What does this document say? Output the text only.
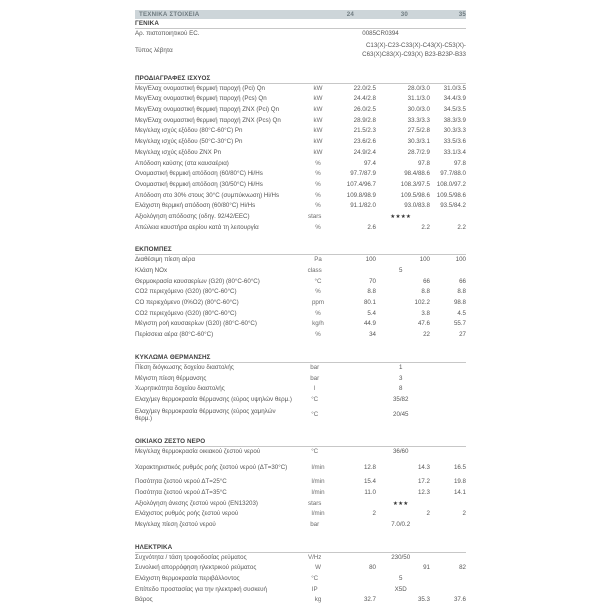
ΤΕΧΝΙΚΑ ΣΤΟΙΧΕΙΑ	24	30	35
ΓΕΝΙΚΑ
Αρ. πιστοποιητικού EC.	0085CR0394
Τύπος λέβητα
C13(X)-C23-C33(X)-C43(X)-C53(X)-
C63(X)C83(X)-C93(X) B23-B23P-B33
ΠΡΟΔΙΑΓΡΑΦΕΣ ΙΣΧΥΟΣ
Μεγ/Ελαχ ονομαστική θερμική παροχή (Pci) Qn	kW	22.0/2.5	28.0/3.0	31.0/3.5
Μεγ/Ελαχ ονομαστική θερμική παροχή (Pcs) Qn	kW	24.4/2.8	31.1/3.0	34.4/3.9
Μεγ/Ελαχ ονομαστική θερμική παροχή ZNX (Pci) Qn	kW	26.0/2.5	30.0/3.0	34.5/3.5
Μεγ/Ελαχ ονομαστική θερμική παροχή ZNX (Pcs) Qn	kW	28.9/2.8	33.3/3.3	38.3/3.9
Μεγ/ελαχ ισχύς εξόδου (80°C-60°C) Pn	kW	21.5/2.3	27.5/2.8	30.3/3.3
Μεγ/ελαχ ισχύς εξόδου (50°C-30°C) Pn	kW	23.6/2.6	30.3/3.1	33.5/3.6
Μεγ/ελαχ ισχύς εξόδου ZNX Pn	kW	24.9/2.4	28.7/2.9	33.1/3.4
Απόδοση καύσης (στα καυσαέρια)	%	97.4	97.8	97.8
Ονομαστική θερμική απόδοση (60/80°C) Hi/Hs	%	97.7/87.9	98.4/88.6	97.7/88.0
Ονομαστική θερμική απόδοση (30/50°C) Hi/Hs	%	107.4/96.7	108.3/97.5	108.0/97.2
Απόδοση στο 30% στους 30°C (συμπύκνωση) Hi/Hs	%	109.8/98.9	109.5/98.6	109.5/98.6
Ελάχιστη θερμική απόδοση (60/80°C) Hi/Hs	%	91.1/82.0	93.0/83.8	93.5/84.2
Αξιολόγηση απόδοσης (οδηγ. 92/42/EEC)	stars	★★★★
Απώλεια καυστήρα αερίου κατά τη λειτουργία	%	2.6	2.2	2.2
ΕΚΠΟΜΠΕΣ
Διαθέσιμη πίεση αέρα	Pa	100	100	100
Κλάση NOx	class	5
Θερμοκρασία καυσαερίων (G20) (80°C-60°C)	°C	70	66	66
CO2 περιεχόμενο (G20) (80°C-60°C)	%	8.8	8.8	8.8
CO περιεχόμενο (0%O2) (80°C-60°C)	ppm	80.1	102.2	98.8
CO2 περιεχόμενο (G20) (80°C-60°C)	%	5.4	3.8	4.5
Μέγιστη ροή καυσαερίων (G20) (80°C-60°C)	kg/h	44.9	47.6	55.7
Περίσσεια αέρα (80°C-60°C)	%	34	22	27
ΚΥΚΛΩΜΑ ΘΕΡΜΑΝΣΗΣ
Πίεση διόγκωσης δοχείου διαστολής	bar	1
Μέγιστη πίεση θέρμανσης	bar	3
Χωρητικότητα δοχείου διαστολής	l	8
Ελαχ/μεγ θερμοκρασία θέρμανσης (εύρος υψηλών θερμ.)	°C	35/82
Ελαχ/μεγ θερμοκρασία θέρμανσης (εύρος χαμηλών θερμ.)
°C	20/45
ΟΙΚΙΑΚΟ ΖΕΣΤΟ ΝΕΡΟ
Μεγ/ελαχ θερμοκρασία οικιακού ζεστού νερού	°C	36/60
Χαρακτηριστικός ρυθμός ροής ζεστού νερού (ΔT=30°C)	l/min	12.8	14.3	16.5
Ποσότητα ζεστού νερού ΔT=25°C	l/min	15.4	17.2	19.8
Ποσότητα ζεστού νερού ΔT=35°C	l/min	11.0	12.3	14.1
Αξιολόγηση άνεσης ζεστού νερού (EN13203)	stars	★★★
Ελάχιστος ρυθμός ροής ζεστού νερού	l/min	2	2	2
Μεγ/ελαχ πίεση ζεστού νερού	bar	7.0/0.2
ΗΛΕΚΤΡΙΚΑ
Συχνότητα / τάση τροφοδοσίας ρεύματος	V/Hz	230/50
Συνολική απορρόφηση ηλεκτρικού ρεύματος	W	80	91	82
Ελάχιστη θερμοκρασία περιβάλλοντος	°C	5
Επίπεδο προστασίας για την ηλεκτρική συσκευή	IP	X5D
Βάρος	kg	32.7	35.3	37.6
